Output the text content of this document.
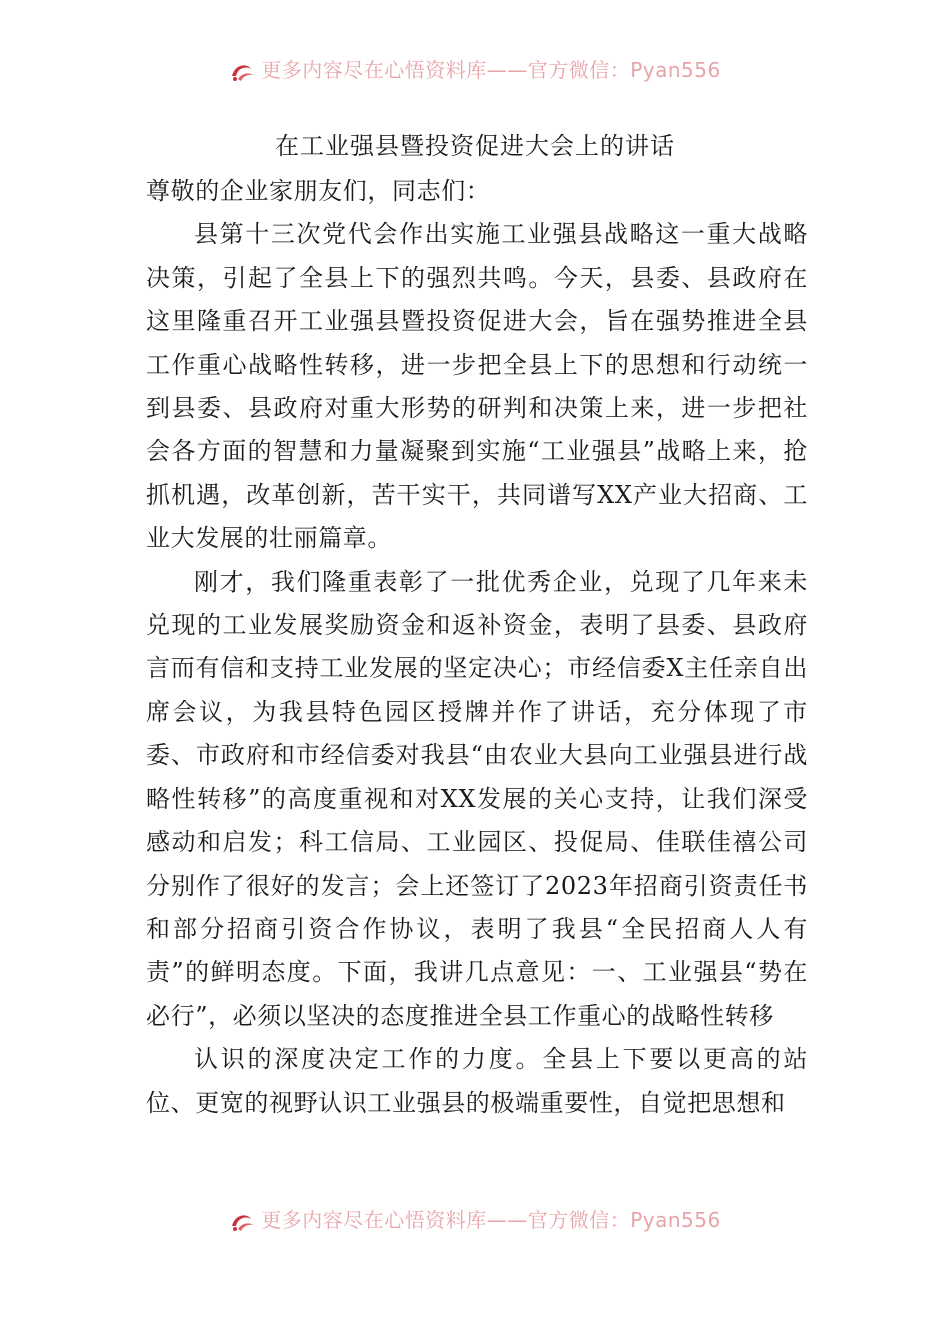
更多内容尽在心悟资料库——官方微信：Pyan556
在工业强县暨投资促进大会上的讲话

尊敬的企业家朋友们，同志们：

县第十三次党代会作出实施工业强县战略这一重大战略决策，引起了全县上下的强烈共鸣。今天，县委、县政府在这里隆重召开工业强县暨投资促进大会，旨在强势推进全县工作重心战略性转移，进一步把全县上下的思想和行动统一到县委、县政府对重大形势的研判和决策上来，进一步把社会各方面的智慧和力量凝聚到实施“工业强县”战略上来，抢抓机遇，改革创新，苦干实干，共同谱写XX产业大招商、工业大发展的壮丽篇章。

刚才，我们隆重表彰了一批优秀企业，兑现了几年来未兑现的工业发展奖励资金和返补资金，表明了县委、县政府言而有信和支持工业发展的坚定决心；市经信委X主任亲自出席会议，为我县特色园区授牌并作了讲话，充分体现了市委、市政府和市经信委对我县“由农业大县向工业强县进行战略性转移”的高度重视和对XX发展的关心支持，让我们深受感动和启发；科工信局、工业园区、投促局、佳联佳禧公司分别作了很好的发言；会上还签订了2023年招商引资责任书和部分招商引资合作协议，表明了我县“全民招商人人有责”的鲜明态度。下面，我讲几点意见：一、工业强县“势在必行”，必须以坚决的态度推进全县工作重心的战略性转移

认识的深度决定工作的力度。全县上下要以更高的站位、更宽的视野认识工业强县的极端重要性，自觉把思想和

更多内容尽在心悟资料库——官方微信：Pyan556
